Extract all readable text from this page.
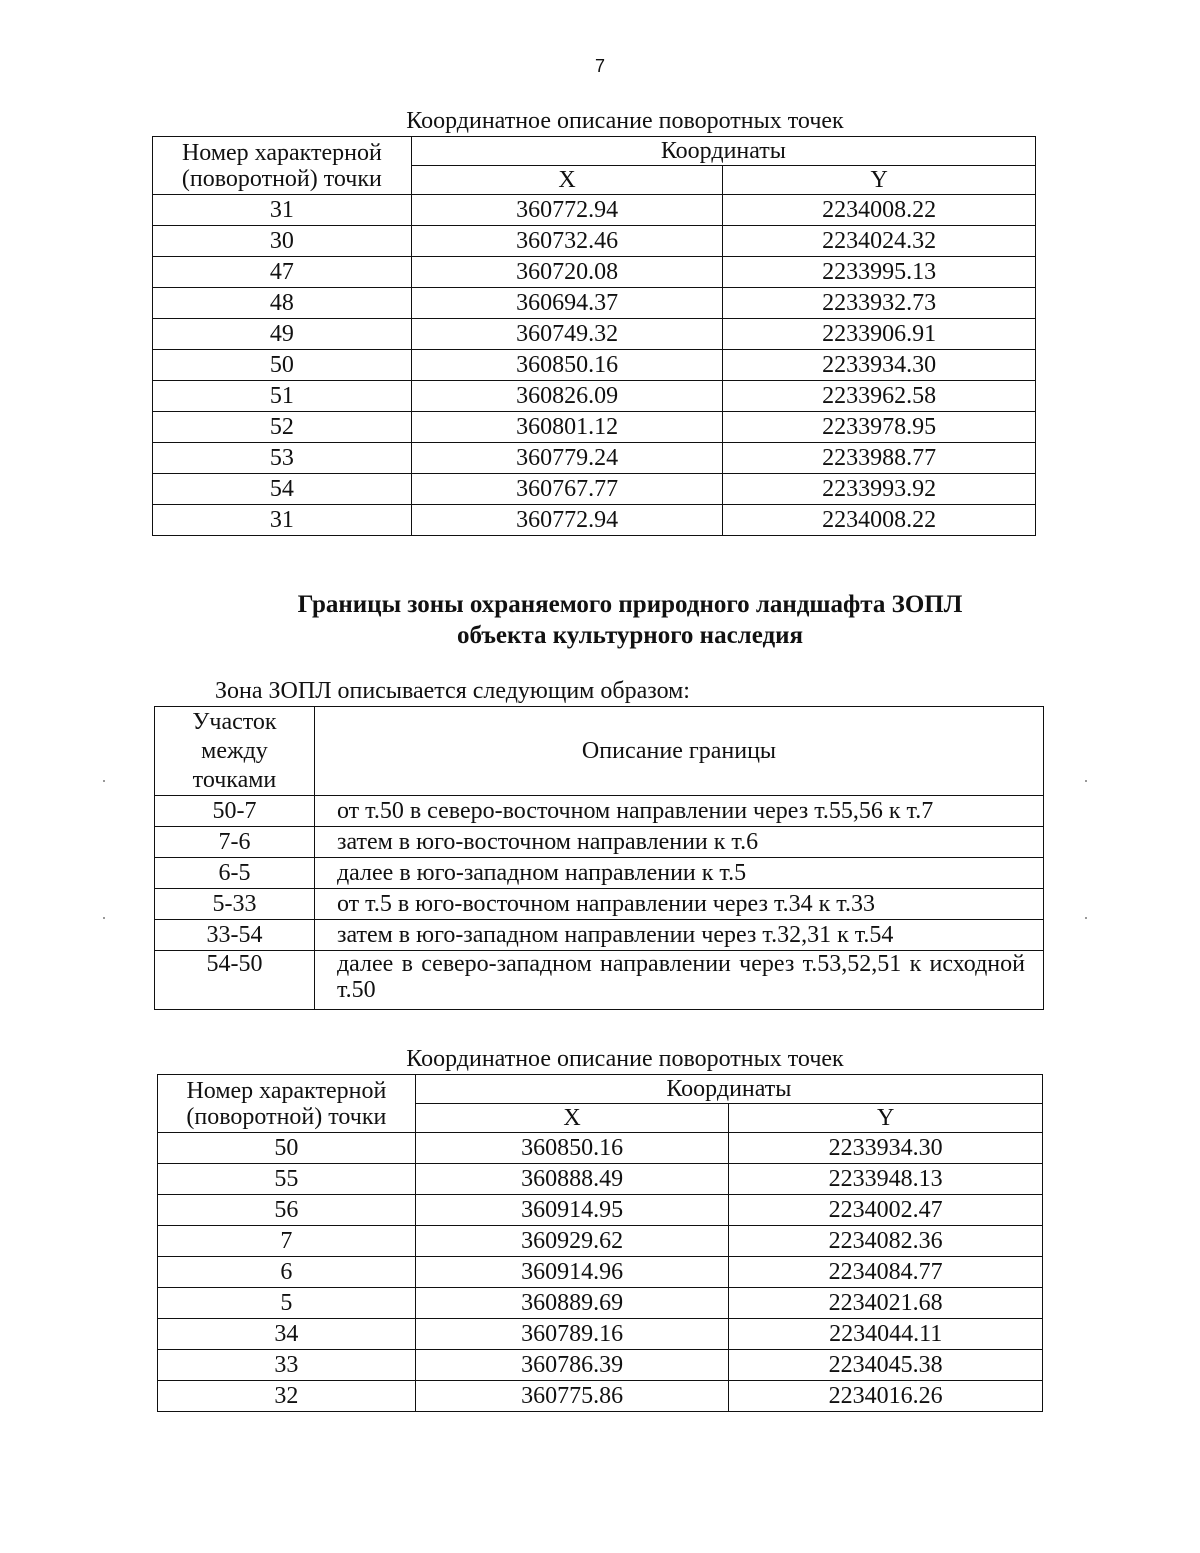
7
Координатное описание поворотных точек
Номер характерной (поворотной) точки	Координаты	
	X	Y
31	360772.94	2234008.22
30	360732.46	2234024.32
47	360720.08	2233995.13
48	360694.37	2233932.73
49	360749.32	2233906.91
50	360850.16	2233934.30
51	360826.09	2233962.58
52	360801.12	2233978.95
53	360779.24	2233988.77
54	360767.77	2233993.92
31	360772.94	2234008.22
Границы зоны охраняемого природного ландшафта ЗОПЛ
объекта культурного наследия
Зона ЗОПЛ описывается следующим образом:
Участок между точками	Описание границы
50-7	от т.50 в северо-восточном направлении через т.55,56 к т.7
7-6	затем в юго-восточном направлении к т.6
6-5	далее в юго-западном направлении к т.5
5-33	от т.5 в юго-восточном направлении через т.34 к т.33
33-54	затем в юго-западном направлении через т.32,31 к т.54
54-50	далее в северо-западном направлении через т.53,52,51 к исходной т.50
Координатное описание поворотных точек
Номер характерной (поворотной) точки	Координаты	
	X	Y
50	360850.16	2233934.30
55	360888.49	2233948.13
56	360914.95	2234002.47
7	360929.62	2234082.36
6	360914.96	2234084.77
5	360889.69	2234021.68
34	360789.16	2234044.11
33	360786.39	2234045.38
32	360775.86	2234016.26
